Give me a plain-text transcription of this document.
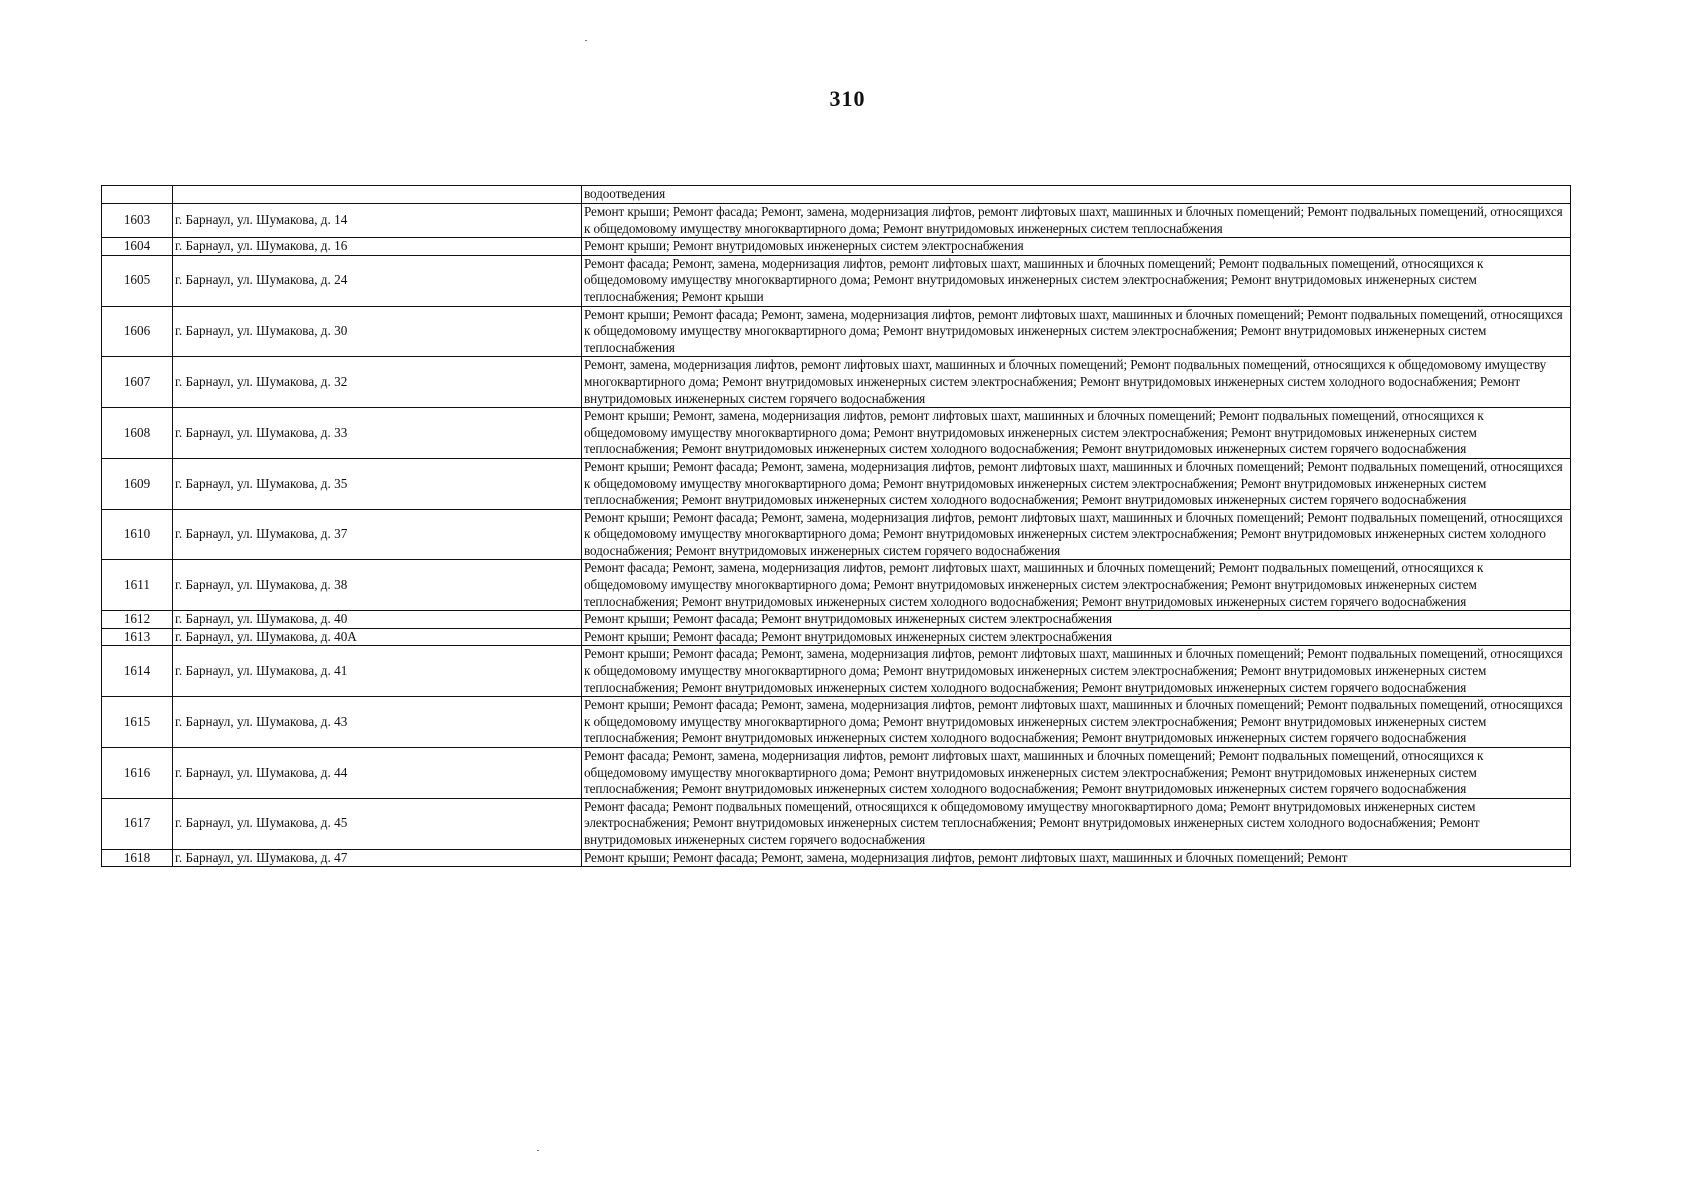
310
		водоотведения
1603	г. Барнаул, ул. Шумакова, д. 14	Ремонт крыши; Ремонт фасада; Ремонт, замена, модернизация лифтов, ремонт лифтовых шахт, машинных и блочных помещений; Ремонт подвальных помещений, относящихся к общедомовому имуществу многоквартирного дома; Ремонт внутридомовых инженерных систем теплоснабжения
1604	г. Барнаул, ул. Шумакова, д. 16	Ремонт крыши; Ремонт внутридомовых инженерных систем электроснабжения
1605	г. Барнаул, ул. Шумакова, д. 24	Ремонт фасада; Ремонт, замена, модернизация лифтов, ремонт лифтовых шахт, машинных и блочных помещений; Ремонт подвальных помещений, относящихся к общедомовому имуществу многоквартирного дома; Ремонт внутридомовых инженерных систем электроснабжения; Ремонт внутридомовых инженерных систем теплоснабжения; Ремонт крыши
1606	г. Барнаул, ул. Шумакова, д. 30	Ремонт крыши; Ремонт фасада; Ремонт, замена, модернизация лифтов, ремонт лифтовых шахт, машинных и блочных помещений; Ремонт подвальных помещений, относящихся к общедомовому имуществу многоквартирного дома; Ремонт внутридомовых инженерных систем электроснабжения; Ремонт внутридомовых инженерных систем теплоснабжения
1607	г. Барнаул, ул. Шумакова, д. 32	Ремонт, замена, модернизация лифтов, ремонт лифтовых шахт, машинных и блочных помещений; Ремонт подвальных помещений, относящихся к общедомовому имуществу многоквартирного дома; Ремонт внутридомовых инженерных систем электроснабжения; Ремонт внутридомовых инженерных систем холодного водоснабжения; Ремонт внутридомовых инженерных систем горячего водоснабжения
1608	г. Барнаул, ул. Шумакова, д. 33	Ремонт крыши; Ремонт, замена, модернизация лифтов, ремонт лифтовых шахт, машинных и блочных помещений; Ремонт подвальных помещений, относящихся к общедомовому имуществу многоквартирного дома; Ремонт внутридомовых инженерных систем электроснабжения; Ремонт внутридомовых инженерных систем теплоснабжения; Ремонт внутридомовых инженерных систем холодного водоснабжения; Ремонт внутридомовых инженерных систем горячего водоснабжения
1609	г. Барнаул, ул. Шумакова, д. 35	Ремонт крыши; Ремонт фасада; Ремонт, замена, модернизация лифтов, ремонт лифтовых шахт, машинных и блочных помещений; Ремонт подвальных помещений, относящихся к общедомовому имуществу многоквартирного дома; Ремонт внутридомовых инженерных систем электроснабжения; Ремонт внутридомовых инженерных систем теплоснабжения; Ремонт внутридомовых инженерных систем холодного водоснабжения; Ремонт внутридомовых инженерных систем горячего водоснабжения
1610	г. Барнаул, ул. Шумакова, д. 37	Ремонт крыши; Ремонт фасада; Ремонт, замена, модернизация лифтов, ремонт лифтовых шахт, машинных и блочных помещений; Ремонт подвальных помещений, относящихся к общедомовому имуществу многоквартирного дома; Ремонт внутридомовых инженерных систем электроснабжения; Ремонт внутридомовых инженерных систем холодного водоснабжения; Ремонт внутридомовых инженерных систем горячего водоснабжения
1611	г. Барнаул, ул. Шумакова, д. 38	Ремонт фасада; Ремонт, замена, модернизация лифтов, ремонт лифтовых шахт, машинных и блочных помещений; Ремонт подвальных помещений, относящихся к общедомовому имуществу многоквартирного дома; Ремонт внутридомовых инженерных систем электроснабжения; Ремонт внутридомовых инженерных систем теплоснабжения; Ремонт внутридомовых инженерных систем холодного водоснабжения; Ремонт внутридомовых инженерных систем горячего водоснабжения
1612	г. Барнаул, ул. Шумакова, д. 40	Ремонт крыши; Ремонт фасада; Ремонт внутридомовых инженерных систем электроснабжения
1613	г. Барнаул, ул. Шумакова, д. 40А	Ремонт крыши; Ремонт фасада; Ремонт внутридомовых инженерных систем электроснабжения
1614	г. Барнаул, ул. Шумакова, д. 41	Ремонт крыши; Ремонт фасада; Ремонт, замена, модернизация лифтов, ремонт лифтовых шахт, машинных и блочных помещений; Ремонт подвальных помещений, относящихся к общедомовому имуществу многоквартирного дома; Ремонт внутридомовых инженерных систем электроснабжения; Ремонт внутридомовых инженерных систем теплоснабжения; Ремонт внутридомовых инженерных систем холодного водоснабжения; Ремонт внутридомовых инженерных систем горячего водоснабжения
1615	г. Барнаул, ул. Шумакова, д. 43	Ремонт крыши; Ремонт фасада; Ремонт, замена, модернизация лифтов, ремонт лифтовых шахт, машинных и блочных помещений; Ремонт подвальных помещений, относящихся к общедомовому имуществу многоквартирного дома; Ремонт внутридомовых инженерных систем электроснабжения; Ремонт внутридомовых инженерных систем теплоснабжения; Ремонт внутридомовых инженерных систем холодного водоснабжения; Ремонт внутридомовых инженерных систем горячего водоснабжения
1616	г. Барнаул, ул. Шумакова, д. 44	Ремонт фасада; Ремонт, замена, модернизация лифтов, ремонт лифтовых шахт, машинных и блочных помещений; Ремонт подвальных помещений, относящихся к общедомовому имуществу многоквартирного дома; Ремонт внутридомовых инженерных систем электроснабжения; Ремонт внутридомовых инженерных систем теплоснабжения; Ремонт внутридомовых инженерных систем холодного водоснабжения; Ремонт внутридомовых инженерных систем горячего водоснабжения
1617	г. Барнаул, ул. Шумакова, д. 45	Ремонт фасада; Ремонт подвальных помещений, относящихся к общедомовому имуществу многоквартирного дома; Ремонт внутридомовых инженерных систем электроснабжения; Ремонт внутридомовых инженерных систем теплоснабжения; Ремонт внутридомовых инженерных систем холодного водоснабжения; Ремонт внутридомовых инженерных систем горячего водоснабжения
1618	г. Барнаул, ул. Шумакова, д. 47	Ремонт крыши; Ремонт фасада; Ремонт, замена, модернизация лифтов, ремонт лифтовых шахт, машинных и блочных помещений; Ремонт
